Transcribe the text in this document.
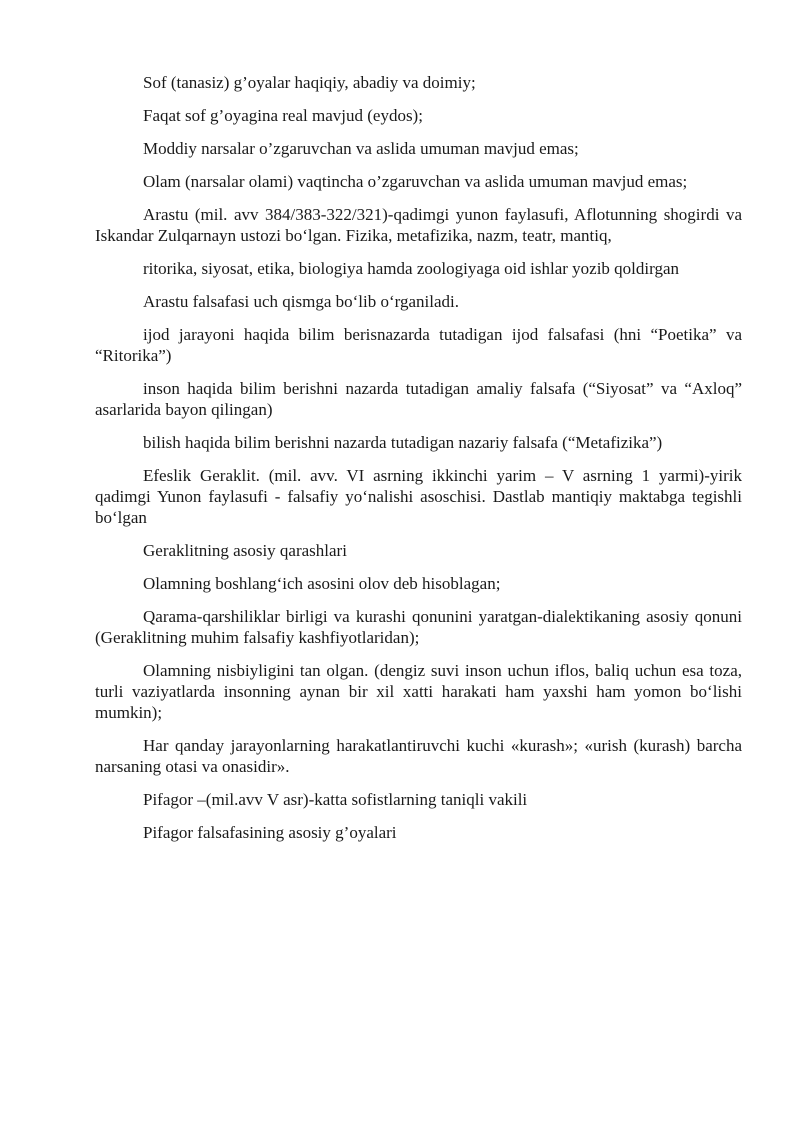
Sof (tanasiz) g’oyalar haqiqiy, abadiy va doimiy;

Faqat sof g’oyagina real mavjud (eydos);

Moddiy narsalar o’zgaruvchan va aslida umuman mavjud emas;

Olam (narsalar olami) vaqtincha o’zgaruvchan va aslida umuman mavjud emas;

Arastu (mil. avv 384/383-322/321)-qadimgi yunon faylasufi, Aflotunning shogirdi va Iskandar Zulqarnayn ustozi bo‘lgan. Fizika, metafizika, nazm, teatr, mantiq,

ritorika, siyosat, etika, biologiya hamda zoologiyaga oid ishlar yozib qoldirgan

Arastu falsafasi uch qismga bo‘lib o‘rganiladi.

ijod jarayoni haqida bilim berisnazarda tutadigan ijod falsafasi (hni “Poetika” va “Ritorika”)

inson haqida bilim berishni nazarda tutadigan amaliy falsafa (“Siyosat” va “Axloq” asarlarida bayon qilingan)

bilish haqida bilim berishni nazarda tutadigan nazariy falsafa (“Metafizika”)

Efeslik Geraklit. (mil. avv. VI asrning ikkinchi yarim – V asrning 1 yarmi)-yirik qadimgi Yunon faylasufi - falsafiy yo‘nalishi asoschisi. Dastlab mantiqiy maktabga tegishli bo‘lgan

Geraklitning asosiy qarashlari

Olamning boshlang‘ich asosini olov deb hisoblagan;

Qarama-qarshiliklar birligi va kurashi qonunini yaratgan-dialektikaning asosiy qonuni (Geraklitning muhim falsafiy kashfiyotlaridan);

Olamning nisbiyligini tan olgan. (dengiz suvi inson uchun iflos, baliq uchun esa toza, turli vaziyatlarda insonning aynan bir xil xatti harakati ham yaxshi ham yomon bo‘lishi mumkin);

Har qanday jarayonlarning harakatlantiruvchi kuchi «kurash»; «urish (kurash) barcha narsaning otasi va onasidir».

Pifagor –(mil.avv V asr)-katta sofistlarning taniqli vakili

Pifagor falsafasining asosiy g’oyalari
